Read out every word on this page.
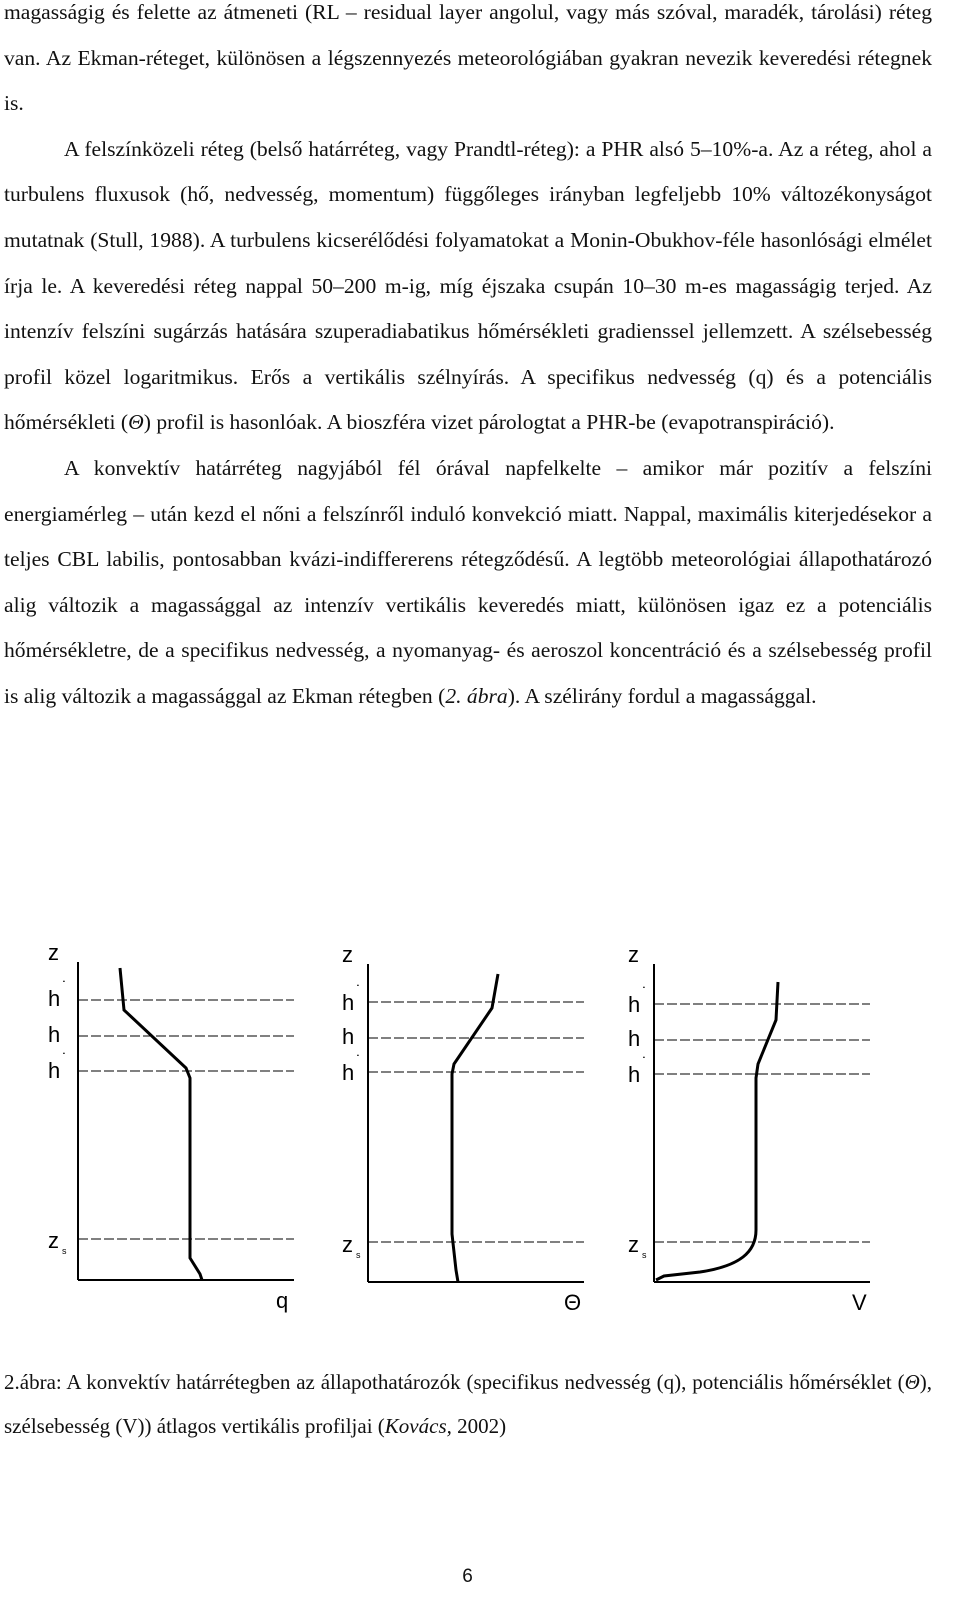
magasságig és felette az átmeneti (RL – residual layer angolul, vagy más szóval, maradék, tárolási) réteg van. Az Ekman-réteget, különösen a légszennyezés meteorológiában gyakran nevezik keveredési rétegnek is.

A felszínközeli réteg (belső határréteg, vagy Prandtl-réteg): a PHR alsó 5–10%-a. Az a réteg, ahol a turbulens fluxusok (hő, nedvesség, momentum) függőleges irányban legfeljebb 10% változékonyságot mutatnak (Stull, 1988). A turbulens kicserélődési folyamatokat a Monin-Obukhov-féle hasonlósági elmélet írja le. A keveredési réteg nappal 50–200 m-ig, míg éjszaka csupán 10–30 m-es magasságig terjed. Az intenzív felszíni sugárzás hatására szuperadiabatikus hőmérsékleti gradienssel jellemzett. A szélsebesség profil közel logaritmikus. Erős a vertikális szélnyírás. A specifikus nedvesség (q) és a potenciális hőmérsékleti (Θ) profil is hasonlóak. A bioszféra vizet párologtat a PHR-be (evapotranspiráció).

A konvektív határréteg nagyjából fél órával napfelkelte – amikor már pozitív a felszíni energiamérleg – után kezd el nőni a felszínről induló konvekció miatt. Nappal, maximális kiterjedésekor a teljes CBL labilis, pontosabban kvázi-indiffererens rétegződésű. A legtöbb meteorológiai állapothatározó alig változik a magassággal az intenzív vertikális keveredés miatt, különösen igaz ez a potenciális hőmérsékletre, de a specifikus nedvesség, a nyomanyag- és aeroszol koncentráció és a szélsebesség profil is alig változik a magassággal az Ekman rétegben (2. ábra). A szélirány fordul a magassággal.

z
h ˙
h
h ˙
z s
q
z
h ˙
h
h ˙
z s
Θ
z
h ˙
h
h ˙
z s
V
2.ábra: A konvektív határrétegben az állapothatározók (specifikus nedvesség (q), potenciális hőmérséklet (Θ), szélsebesség (V)) átlagos vertikális profiljai (Kovács, 2002)
6
